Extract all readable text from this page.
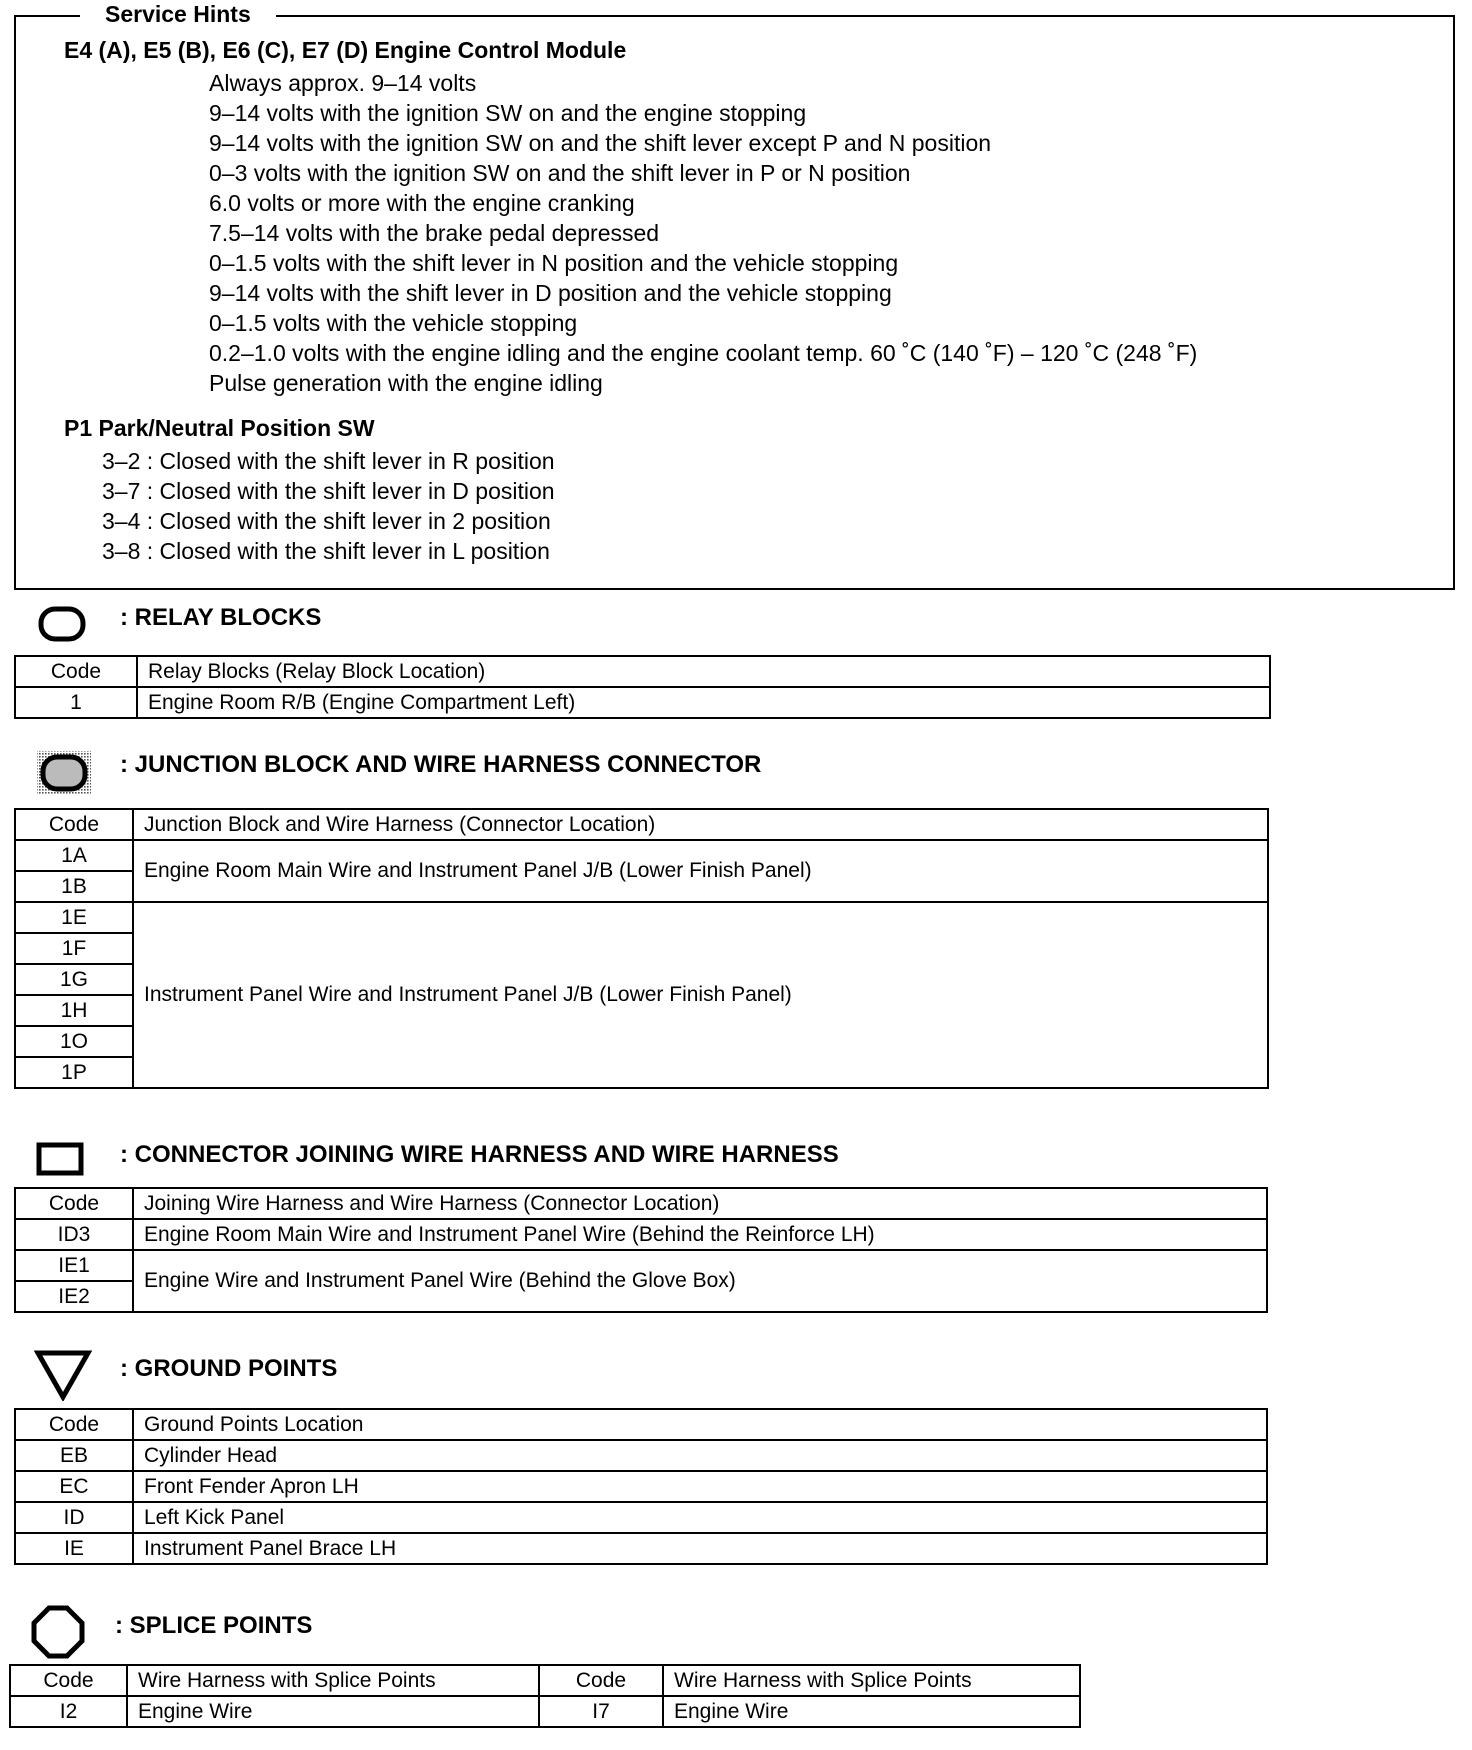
E4 (A), E5 (B), E6 (C), E7 (D) Engine Control Module
Always approx. 9–14 volts
9–14 volts with the ignition SW on and the engine stopping
9–14 volts with the ignition SW on and the shift lever except P and N position
0–3 volts with the ignition SW on and the shift lever in P or N position
6.0 volts or more with the engine cranking
7.5–14 volts with the brake pedal depressed
0–1.5 volts with the shift lever in N position and the vehicle stopping
9–14 volts with the shift lever in D position and the vehicle stopping
0–1.5 volts with the vehicle stopping
0.2–1.0 volts with the engine idling and the engine coolant temp. 60 ˚C (140 ˚F) – 120 ˚C (248 ˚F)
Pulse generation with the engine idling
P1 Park/Neutral Position SW
3–2 : Closed with the shift lever in R position
3–7 : Closed with the shift lever in D position
3–4 : Closed with the shift lever in 2 position
3–8 : Closed with the shift lever in L position
Service Hints
: RELAY BLOCKS
Code	Relay Blocks (Relay Block Location)
1	Engine Room R/B (Engine Compartment Left)
: JUNCTION BLOCK AND WIRE HARNESS CONNECTOR
Code	Junction Block and Wire Harness (Connector Location)
1A	Engine Room Main Wire and Instrument Panel J/B (Lower Finish Panel)
1B	
1E	Instrument Panel Wire and Instrument Panel J/B (Lower Finish Panel)
1F	
1G	
1H	
1O	
1P	
: CONNECTOR JOINING WIRE HARNESS AND WIRE HARNESS
Code	Joining Wire Harness and Wire Harness (Connector Location)
ID3	Engine Room Main Wire and Instrument Panel Wire (Behind the Reinforce LH)
IE1	Engine Wire and Instrument Panel Wire (Behind the Glove Box)
IE2	
: GROUND POINTS
Code	Ground Points Location
EB	Cylinder Head
EC	Front Fender Apron LH
ID	Left Kick Panel
IE	Instrument Panel Brace LH
: SPLICE POINTS
Code	Wire Harness with Splice Points	Code	Wire Harness with Splice Points
I2	Engine Wire	I7	Engine Wire
